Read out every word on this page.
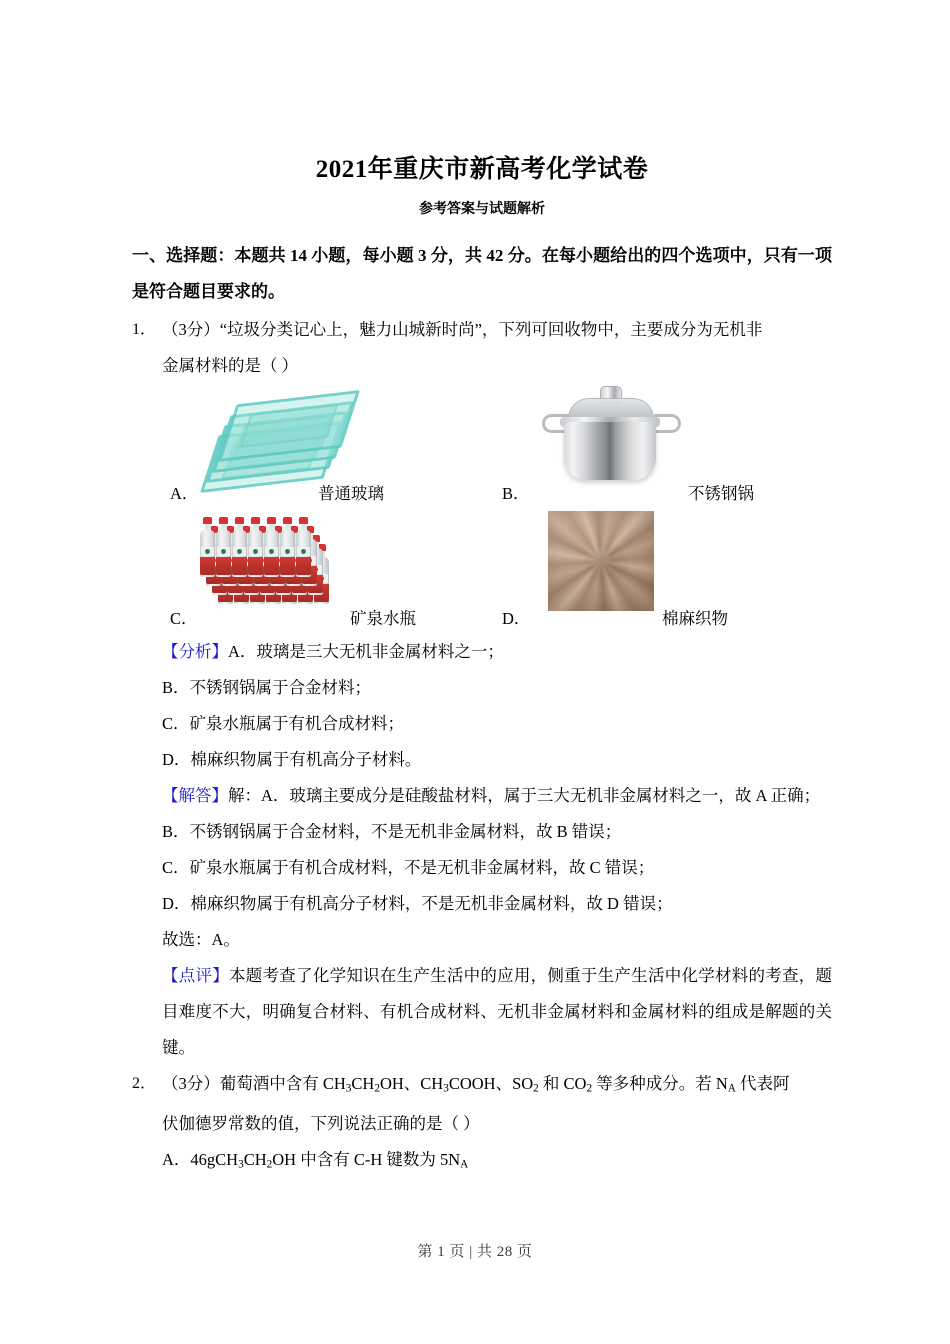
2021年重庆市新高考化学试卷
参考答案与试题解析
一、选择题：本题共 14 小题，每小题 3 分，共 42 分。在每小题给出的四个选项中，只有一项是符合题目要求的。
1． （3分）“垃圾分类记心上，魅力山城新时尚”，下列可回收物中，主要成分为无机非
金属材料的是（ ）
A．	普通玻璃	B．	不锈钢锅
C．	矿泉水瓶	D．	棉麻织物
【分析】A．玻璃是三大无机非金属材料之一；
B．不锈钢锅属于合金材料；
C．矿泉水瓶属于有机合成材料；
D．棉麻织物属于有机高分子材料。
【解答】解：A．玻璃主要成分是硅酸盐材料，属于三大无机非金属材料之一，故 A 正确；
B．不锈钢锅属于合金材料，不是无机非金属材料，故 B 错误；
C．矿泉水瓶属于有机合成材料，不是无机非金属材料，故 C 错误；
D．棉麻织物属于有机高分子材料，不是无机非金属材料，故 D 错误；
故选：A。
【点评】本题考查了化学知识在生产生活中的应用，侧重于生产生活中化学材料的考查，题目难度不大，明确复合材料、有机合成材料、无机非金属材料和金属材料的组成是解题的关键。
2． （3分）葡萄酒中含有 $CH_3CH_2OH$、$CH_3COOH$、$SO_2$ 和 $CO_2$ 等多种成分。若 $N_A$ 代表阿
伏伽德罗常数的值，下列说法正确的是（ ）
A．$46gCH_3CH_2OH$ 中含有 C‑H 键数为 $5N_A$
第 1 页 | 共 28 页
